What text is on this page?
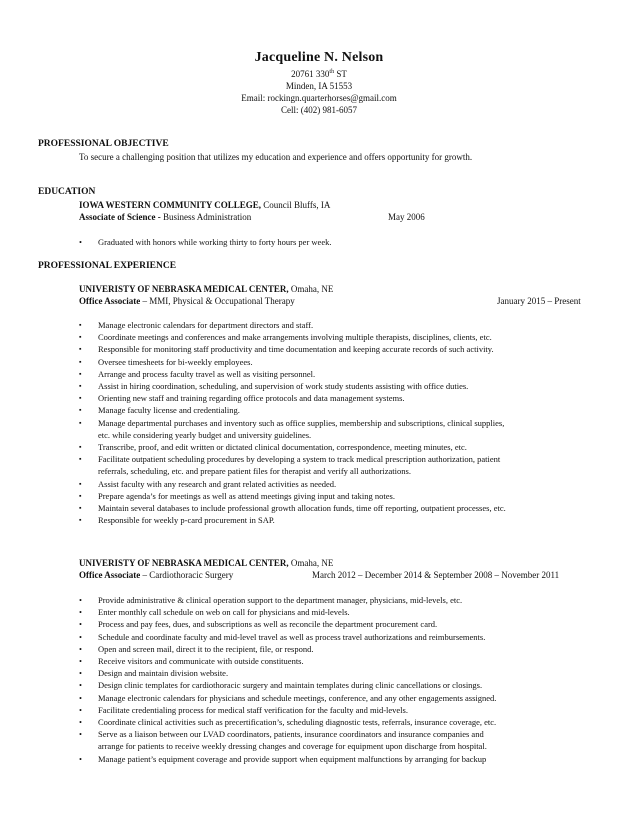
Jacqueline N. Nelson
20761 330th ST
Minden, IA 51553
Email: rockingn.quarterhorses@gmail.com
Cell: (402) 981-6057
PROFESSIONAL OBJECTIVE
To secure a challenging position that utilizes my education and experience and offers opportunity for growth.
EDUCATION
IOWA WESTERN COMMUNITY COLLEGE, Council Bluffs, IA
Associate of Science - Business Administration	May 2006
• Graduated with honors while working thirty to forty hours per week.
PROFESSIONAL EXPERIENCE
UNIVERISTY OF NEBRASKA MEDICAL CENTER, Omaha, NE
Office Associate – MMI, Physical & Occupational Therapy	January 2015 – Present
▪ Manage electronic calendars for department directors and staff.
▪ Coordinate meetings and conferences and make arrangements involving multiple therapists, disciplines, clients, etc.
▪ Responsible for monitoring staff productivity and time documentation and keeping accurate records of such activity.
▪ Oversee timesheets for bi-weekly employees.
▪ Arrange and process faculty travel as well as visiting personnel.
▪ Assist in hiring coordination, scheduling, and supervision of work study students assisting with office duties.
▪ Orienting new staff and training regarding office protocols and data management systems.
▪ Manage faculty license and credentialing.
▪ Manage departmental purchases and inventory such as office supplies, membership and subscriptions, clinical supplies,
etc. while considering yearly budget and university guidelines.
▪ Transcribe, proof, and edit written or dictated clinical documentation, correspondence, meeting minutes, etc.
▪ Facilitate outpatient scheduling procedures by developing a system to track medical prescription authorization, patient
referrals, scheduling, etc. and prepare patient files for therapist and verify all authorizations.
▪ Assist faculty with any research and grant related activities as needed.
▪ Prepare agenda’s for meetings as well as attend meetings giving input and taking notes.
▪ Maintain several databases to include professional growth allocation funds, time off reporting, outpatient processes, etc.
▪ Responsible for weekly p-card procurement in SAP.
UNIVERISTY OF NEBRASKA MEDICAL CENTER, Omaha, NE
Office Associate – Cardiothoracic Surgery	March 2012 – December 2014 & September 2008 – November 2011
• Provide administrative & clinical operation support to the department manager, physicians, mid-levels, etc.
• Enter monthly call schedule on web on call for physicians and mid-levels.
• Process and pay fees, dues, and subscriptions as well as reconcile the department procurement card.
• Schedule and coordinate faculty and mid-level travel as well as process travel authorizations and reimbursements.
• Open and screen mail, direct it to the recipient, file, or respond.
• Receive visitors and communicate with outside constituents.
• Design and maintain division website.
• Design clinic templates for cardiothoracic surgery and maintain templates during clinic cancellations or closings.
• Manage electronic calendars for physicians and schedule meetings, conference, and any other engagements assigned.
• Facilitate credentialing process for medical staff verification for the faculty and mid-levels.
• Coordinate clinical activities such as precertification’s, scheduling diagnostic tests, referrals, insurance coverage, etc.
• Serve as a liaison between our LVAD coordinators, patients, insurance coordinators and insurance companies and
arrange for patients to receive weekly dressing changes and coverage for equipment upon discharge from hospital.
• Manage patient’s equipment coverage and provide support when equipment malfunctions by arranging for backup
